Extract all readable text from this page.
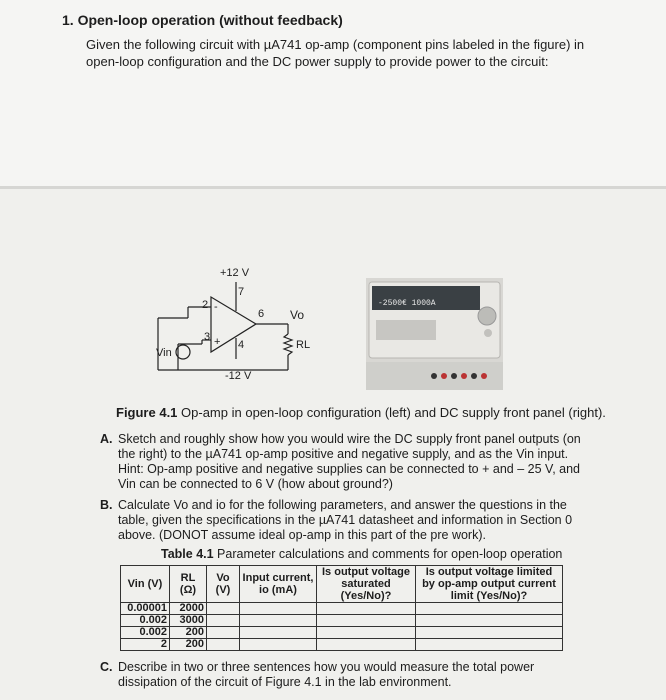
1. Open-loop operation (without feedback)
Given the following circuit with µA741 op-amp (component pins labeled in the figure) in open-loop configuration and the DC power supply to provide power to the circuit:
+12 V
-12 V
2
3
4
6
7
-
+
Vo
RL
Vin
-2500€ 1000A
Figure 4.1 Op-amp in open-loop configuration (left) and DC supply front panel (right).
A. Sketch and roughly show how you would wire the DC supply front panel outputs (on the right) to the µA741 op-amp positive and negative supply, and as the Vin input. Hint: Op-amp positive and negative supplies can be connected to + and – 25 V, and Vin can be connected to 6 V (how about ground?)
B. Calculate Vo and io for the following parameters, and answer the questions in the table, given the specifications in the µA741 datasheet and information in Section 0 above. (DONOT assume ideal op-amp in this part of the pre work).
Table 4.1 Parameter calculations and comments for open-loop operation
Vin (V)	RL (Ω)	Vo (V)	Input current, io (mA)	Is output voltage saturated (Yes/No)?	Is output voltage limited by op-amp output current limit (Yes/No)?
0.00001	2000				
0.002	3000				
0.002	200				
2	200				
C. Describe in two or three sentences how you would measure the total power dissipation of the circuit of Figure 4.1 in the lab environment.
